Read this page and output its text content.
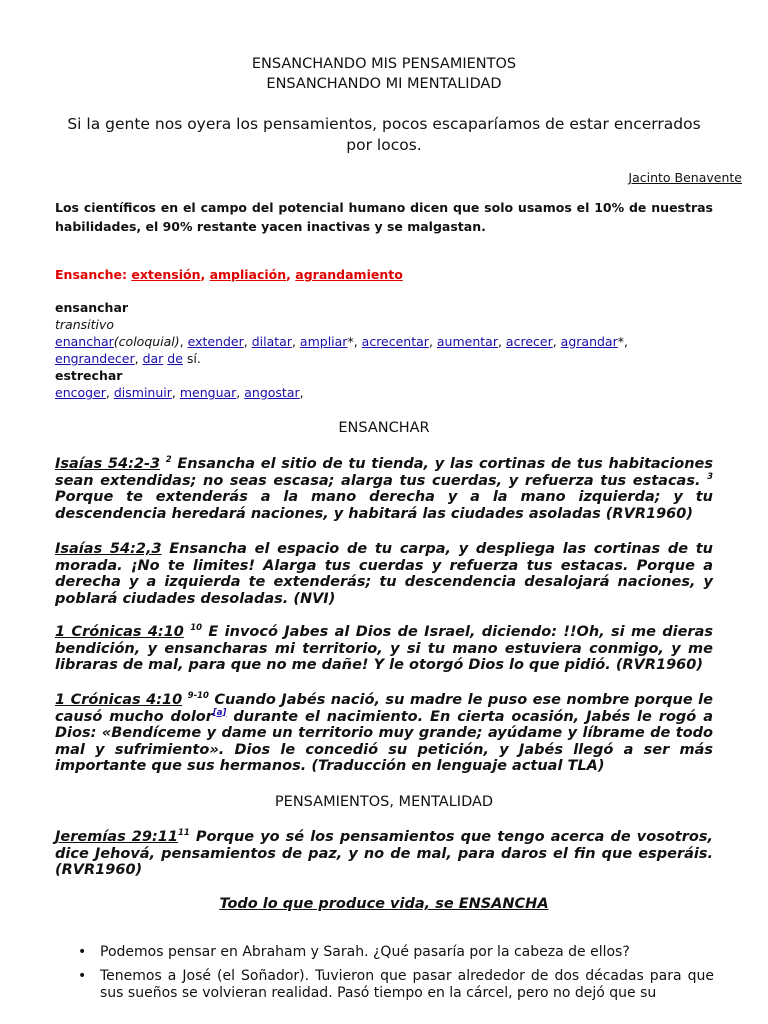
ENSANCHANDO MIS PENSAMIENTOS
ENSANCHANDO MI MENTALIDAD
Si la gente nos oyera los pensamientos, pocos escaparíamos de estar encerrados por locos.
Jacinto Benavente
Los científicos en el campo del potencial humano dicen que solo usamos el 10% de nuestras habilidades, el 90% restante yacen inactivas y se malgastan.
Ensanche: extensión, ampliación, agrandamiento
ensanchar
transitivo
enanchar(coloquial), extender, dilatar, ampliar*, acrecentar, aumentar, acrecer, agrandar*,
engrandecer, dar de sí.
estrechar
encoger, disminuir, menguar, angostar,
ENSANCHAR
Isaías 54:2-3 $^2$ Ensancha el sitio de tu tienda, y las cortinas de tus habitaciones sean extendidas; no seas escasa; alarga tus cuerdas, y refuerza tus estacas. $^3$ Porque te extenderás a la mano derecha y a la mano izquierda; y tu descendencia heredará naciones, y habitará las ciudades asoladas (RVR1960)
Isaías 54:2,3 Ensancha el espacio de tu carpa, y despliega las cortinas de tu morada. ¡No te limites! Alarga tus cuerdas y refuerza tus estacas. Porque a derecha y a izquierda te extenderás; tu descendencia desalojará naciones, y poblará ciudades desoladas. (NVI)
1 Crónicas 4:10 $^{10}$ E invocó Jabes al Dios de Israel, diciendo: !!Oh, si me dieras bendición, y ensancharas mi territorio, y si tu mano estuviera conmigo, y me libraras de mal, para que no me dañe! Y le otorgó Dios lo que pidió. (RVR1960)
1 Crónicas 4:10 $^{9-10}$ Cuando Jabés nació, su madre le puso ese nombre porque le causó mucho dolor[a] durante el nacimiento. En cierta ocasión, Jabés le rogó a Dios: «Bendíceme y dame un territorio muy grande; ayúdame y líbrame de todo mal y sufrimiento». Dios le concedió su petición, y Jabés llegó a ser más importante que sus hermanos. (Traducción en lenguaje actual TLA)
PENSAMIENTOS, MENTALIDAD
Jeremías $29:11^{11}$ Porque yo sé los pensamientos que tengo acerca de vosotros, dice Jehová, pensamientos de paz, y no de mal, para daros el fin que esperáis. (RVR1960)
Todo lo que produce vida, se ENSANCHA
• Podemos pensar en Abraham y Sarah. ¿Qué pasaría por la cabeza de ellos?
• Tenemos a José (el Soñador). Tuvieron que pasar alrededor de dos décadas para que sus sueños se volvieran realidad. Pasó tiempo en la cárcel, pero no dejó que su
